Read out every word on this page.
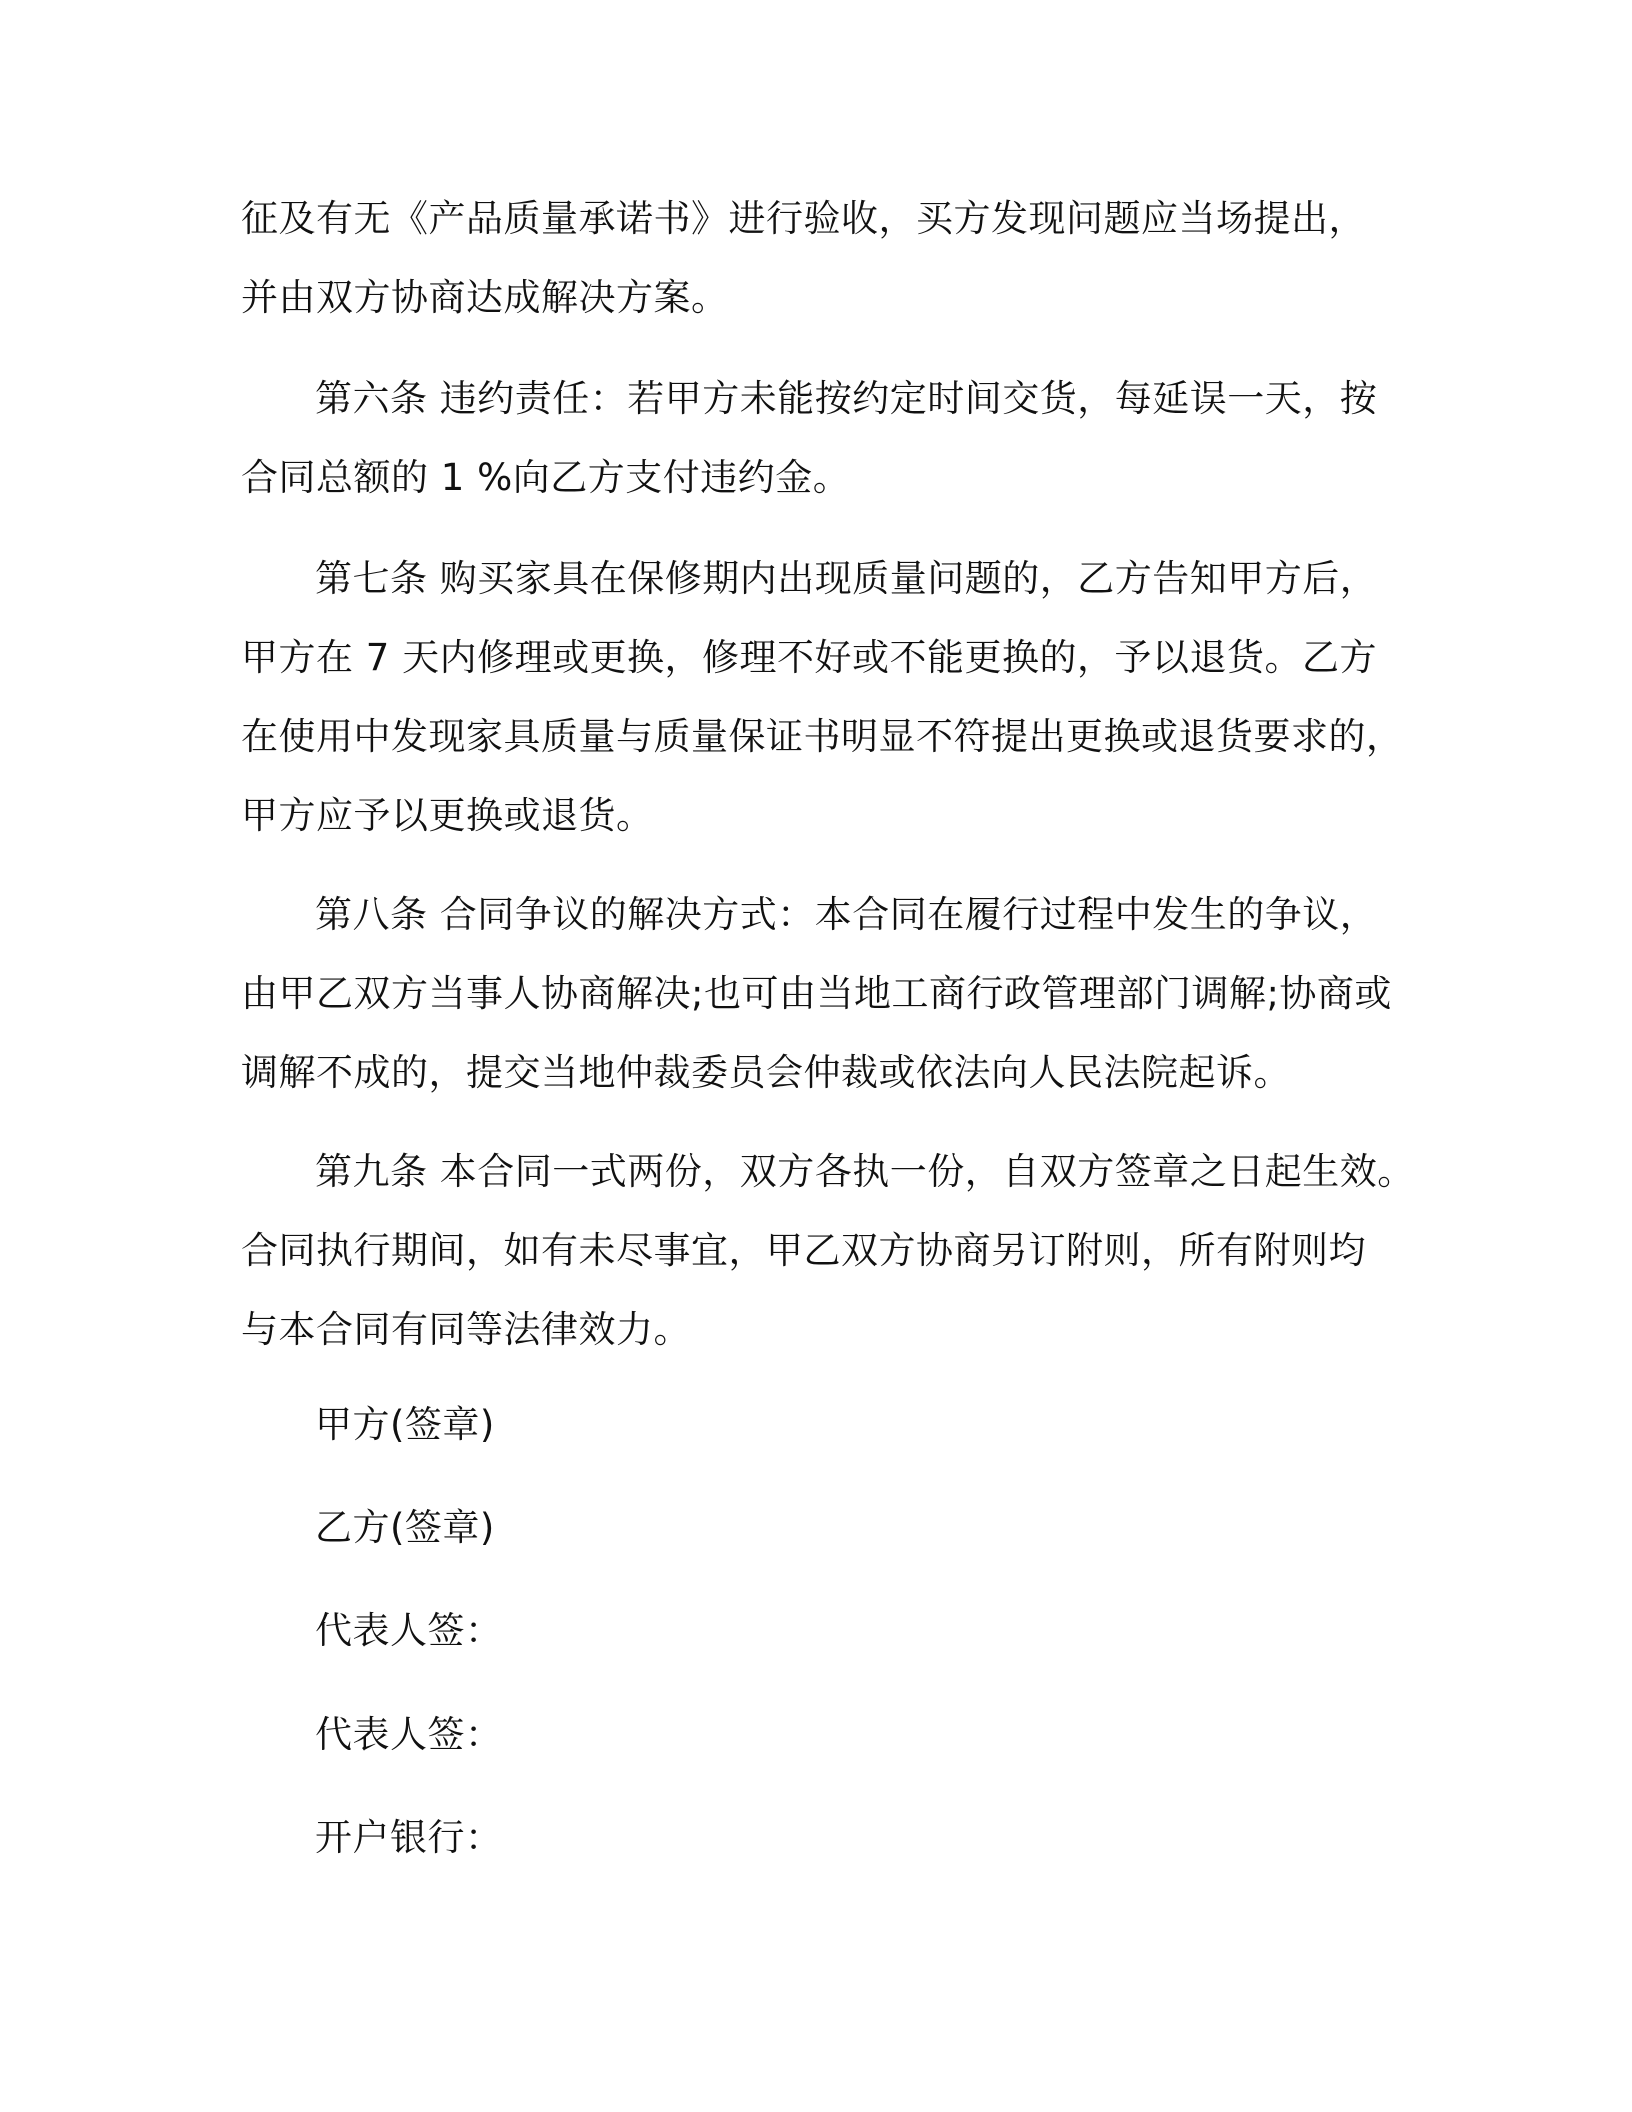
征及有无《产品质量承诺书》进行验收，买方发现问题应当场提出，
并由双方协商达成解决方案。
第六条 违约责任：若甲方未能按约定时间交货，每延误一天，按
合同总额的 1 %向乙方支付违约金。
第七条 购买家具在保修期内出现质量问题的，乙方告知甲方后，
甲方在 7 天内修理或更换，修理不好或不能更换的，予以退货。乙方
在使用中发现家具质量与质量保证书明显不符提出更换或退货要求的，
甲方应予以更换或退货。
第八条 合同争议的解决方式：本合同在履行过程中发生的争议，
由甲乙双方当事人协商解决;也可由当地工商行政管理部门调解;协商或
调解不成的，提交当地仲裁委员会仲裁或依法向人民法院起诉。
第九条 本合同一式两份，双方各执一份，自双方签章之日起生效。
合同执行期间，如有未尽事宜，甲乙双方协商另订附则，所有附则均
与本合同有同等法律效力。
甲方(签章)
乙方(签章)
代表人签：
代表人签：
开户银行：
